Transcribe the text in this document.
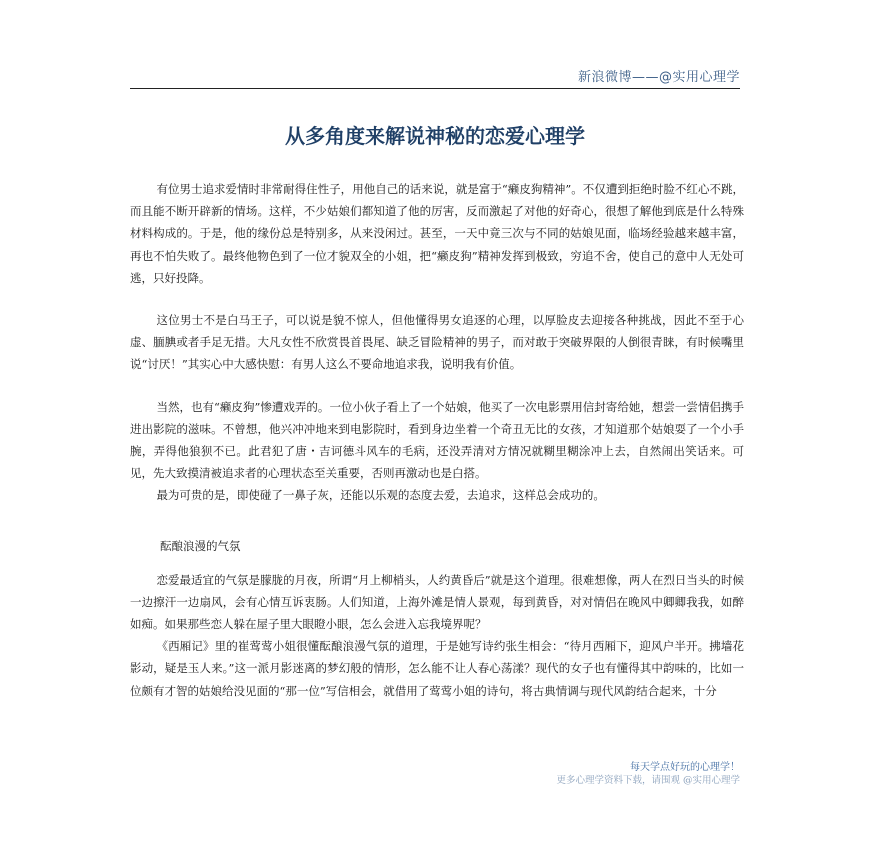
新浪微博——@实用心理学
从多角度来解说神秘的恋爱心理学

有位男士追求爱情时非常耐得住性子，用他自己的话来说，就是富于“癞皮狗精神”。不仅遭到拒绝时脸不红心不跳，而且能不断开辟新的情场。这样，不少姑娘们都知道了他的厉害，反而激起了对他的好奇心，很想了解他到底是什么特殊材料构成的。于是，他的缘份总是特别多，从来没闲过。甚至，一天中竟三次与不同的姑娘见面，临场经验越来越丰富，再也不怕失败了。最终他物色到了一位才貌双全的小姐，把“癞皮狗”精神发挥到极致，穷追不舍，使自己的意中人无处可逃，只好投降。

这位男士不是白马王子，可以说是貌不惊人，但他懂得男女追逐的心理，以厚脸皮去迎接各种挑战，因此不至于心虚、腼腆或者手足无措。大凡女性不欣赏畏首畏尾、缺乏冒险精神的男子，而对敢于突破界限的人倒很青睐，有时候嘴里说“讨厌！”其实心中大感快慰：有男人这么不要命地追求我，说明我有价值。

当然，也有“癞皮狗”惨遭戏弄的。一位小伙子看上了一个姑娘，他买了一次电影票用信封寄给她，想尝一尝情侣携手进出影院的滋味。不曾想，他兴冲冲地来到电影院时，看到身边坐着一个奇丑无比的女孩，才知道那个姑娘耍了一个小手腕，弄得他狼狈不已。此君犯了唐・吉诃德斗风车的毛病，还没弄清对方情况就糊里糊涂冲上去，自然闹出笑话来。可见，先大致摸清被追求者的心理状态至关重要，否则再激动也是白搭。

最为可贵的是，即使碰了一鼻子灰，还能以乐观的态度去爱，去追求，这样总会成功的。

酝酿浪漫的气氛

恋爱最适宜的气氛是朦胧的月夜，所谓“月上柳梢头，人约黄昏后”就是这个道理。很难想像，两人在烈日当头的时候一边擦汗一边扇风，会有心情互诉衷肠。人们知道，上海外滩是情人景观，每到黄昏，对对情侣在晚风中卿卿我我，如醉如痴。如果那些恋人躲在屋子里大眼瞪小眼，怎么会进入忘我境界呢？

《西厢记》里的崔莺莺小姐很懂酝酿浪漫气氛的道理，于是她写诗约张生相会：“待月西厢下，迎风户半开。拂墙花影动，疑是玉人来。”这一派月影迷离的梦幻般的情形，怎么能不让人春心荡漾？现代的女子也有懂得其中韵味的，比如一位颇有才智的姑娘给没见面的“那一位”写信相会，就借用了莺莺小姐的诗句，将古典情调与现代风韵结合起来，十分

每天学点好玩的心理学！
更多心理学资料下载，请围观 @实用心理学
